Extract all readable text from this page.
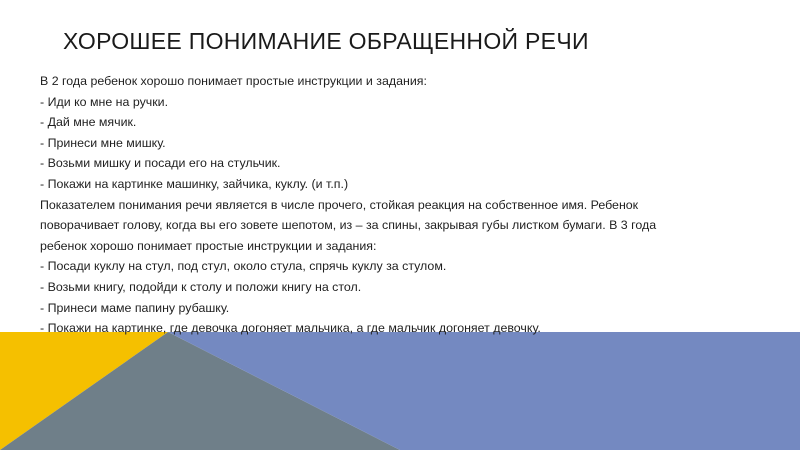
ХОРОШЕЕ ПОНИМАНИЕ ОБРАЩЕННОЙ РЕЧИ
В 2 года ребенок хорошо понимает простые инструкции и задания:
- Иди ко мне на ручки.
- Дай мне мячик.
- Принеси мне мишку.
- Возьми мишку и посади его на стульчик.
- Покажи на картинке машинку, зайчика, куклу. (и т.п.)
Показателем понимания речи является в числе прочего, стойкая реакция на собственное имя. Ребенок
поворачивает голову, когда вы его зовете шепотом, из – за спины, закрывая губы листком бумаги. В 3 года
ребенок хорошо понимает простые инструкции и задания:
- Посади куклу на стул, под стул, около стула, спрячь куклу за стулом.
- Возьми книгу, подойди к столу и положи книгу на стол.
- Принеси маме папину рубашку.
- Покажи на картинке, где девочка догоняет мальчика, а где мальчик догоняет девочку.
